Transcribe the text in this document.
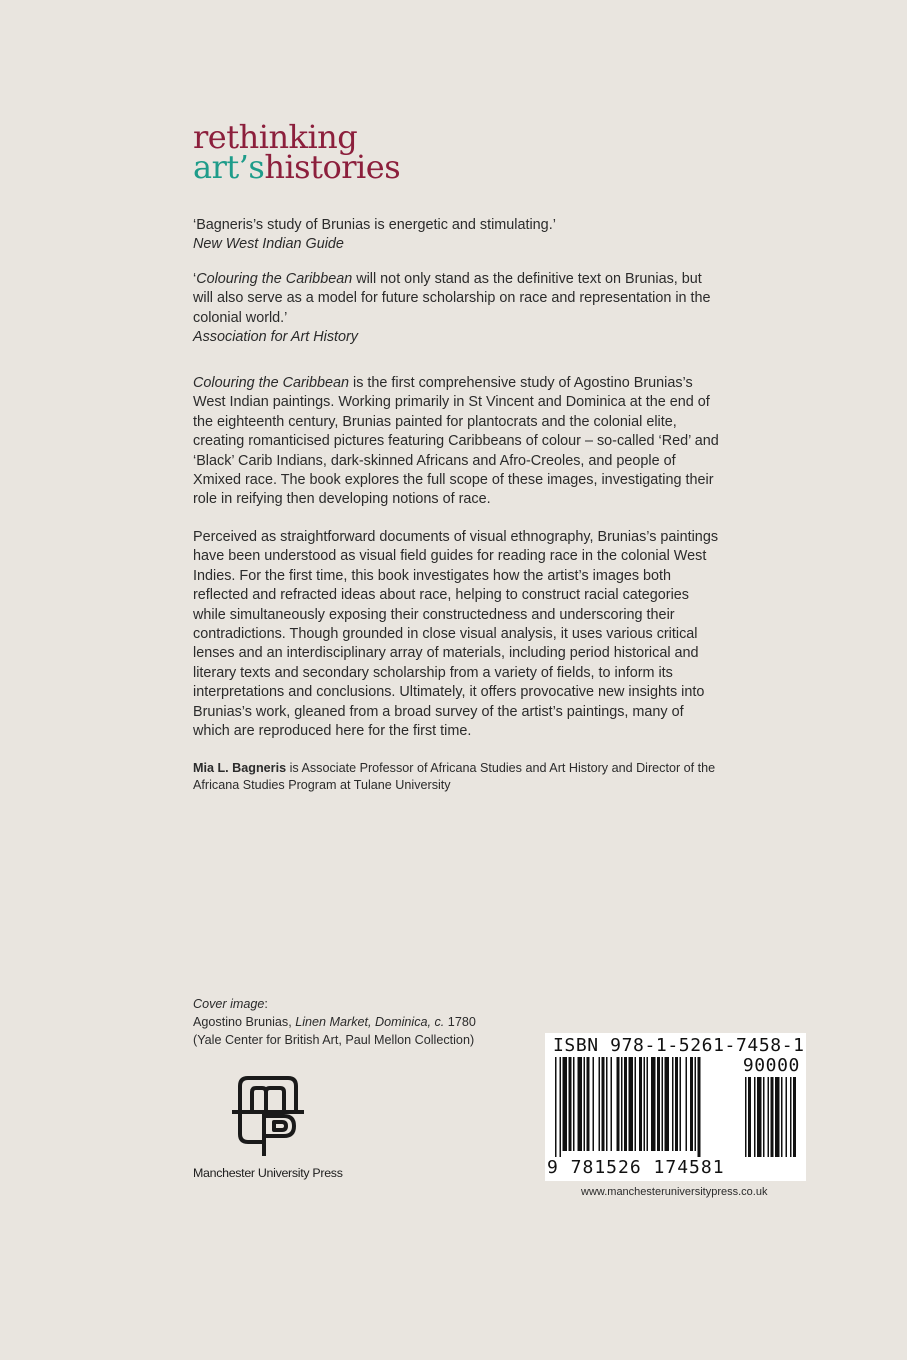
rethinking
art’shistories

‘Bagneris’s study of Brunias is energetic and stimulating.’

New West Indian Guide

‘Colouring the Caribbean will not only stand as the definitive text on Brunias, but will also serve as a model for future scholarship on race and representation in the colonial world.’

Association for Art History

Colouring the Caribbean is the first comprehensive study of Agostino Brunias’s West Indian paintings. Working primarily in St Vincent and Dominica at the end of the eighteenth century, Brunias painted for plantocrats and the colonial elite, creating romanticised pictures featuring Caribbeans of colour – so-called ‘Red’ and ‘Black’ Carib Indians, dark-skinned Africans and Afro-Creoles, and people of Xmixed race. The book explores the full scope of these images, investigating their role in reifying then developing notions of race.

Perceived as straightforward documents of visual ethnography, Brunias’s paintings have been understood as visual field guides for reading race in the colonial West Indies. For the first time, this book investigates how the artist’s images both reflected and refracted ideas about race, helping to construct racial categories while simultaneously exposing their constructedness and underscoring their contradictions. Though grounded in close visual analysis, it uses various critical lenses and an interdisciplinary array of materials, including period historical and literary texts and secondary scholarship from a variety of fields, to inform its interpretations and conclusions. Ultimately, it offers provocative new insights into Brunias’s work, gleaned from a broad survey of the artist’s paintings, many of which are reproduced here for the first time.

Mia L. Bagneris is Associate Professor of Africana Studies and Art History and Director of the Africana Studies Program at Tulane University

Cover image:
Agostino Brunias, Linen Market, Dominica, c. 1780
(Yale Center for British Art, Paul Mellon Collection)
Manchester University Press
ISBN 978-1-5261-7458-1
90000
9 781526 174581
www.manchesteruniversitypress.co.uk
